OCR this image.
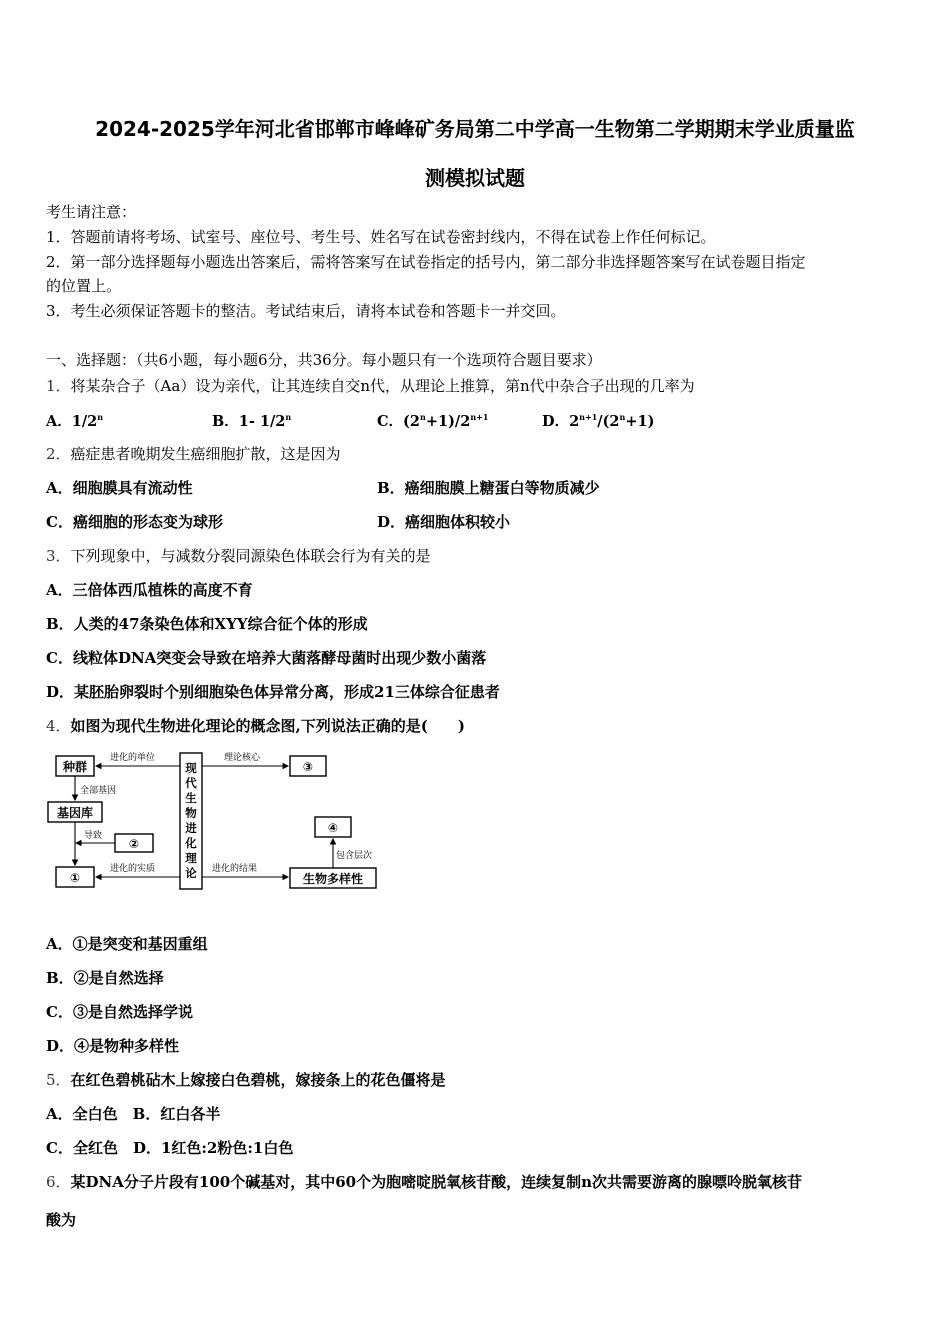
2024-2025学年河北省邯郸市峰峰矿务局第二中学高一生物第二学期期末学业质量监
测模拟试题
考生请注意：
1．答题前请将考场、试室号、座位号、考生号、姓名写在试卷密封线内，不得在试卷上作任何标记。
2．第一部分选择题每小题选出答案后，需将答案写在试卷指定的括号内，第二部分非选择题答案写在试卷题目指定
的位置上。
3．考生必须保证答题卡的整洁。考试结束后，请将本试卷和答题卡一并交回。
一、选择题：（共6小题，每小题6分，共36分。每小题只有一个选项符合题目要求）
1．将某杂合子（Aa）设为亲代，让其连续自交n代，从理论上推算，第n代中杂合子出现的几率为
A．1/2$^n$	B．1- 1/2$^n$	C．$(2^n+1)/2^{n+1}$	D．$2^{n+1}/(2^n+1)$
2．癌症患者晚期发生癌细胞扩散，这是因为
A．细胞膜具有流动性	B．癌细胞膜上糖蛋白等物质减少
C．癌细胞的形态变为球形	D．癌细胞体积较小
3．下列现象中，与减数分裂同源染色体联会行为有关的是
A．三倍体西瓜植株的高度不育
B．人类的47条染色体和XYY综合征个体的形成
C．线粒体DNA突变会导致在培养大菌落酵母菌时出现少数小菌落
D．某胚胎卵裂时个别细胞染色体异常分离，形成21三体综合征患者
4．如图为现代生物进化理论的概念图,下列说法正确的是(　　)
种群
基因库
②
①
③
④
生物多样性
现
代
生
物
进
化
理
论
进化的单位
全部基因
导致
进化的实质
理论核心
包含层次
进化的结果
A．①是突变和基因重组
B．②是自然选择
C．③是自然选择学说
D．④是物种多样性
5．在红色碧桃砧木上嫁接白色碧桃，嫁接条上的花色僵将是
A．全白色　B．红白各半
C．全红色　D．1红色:2粉色:1白色
6．某DNA分子片段有100个碱基对，其中60个为胞嘧啶脱氧核苷酸，连续复制n次共需要游离的腺嘌呤脱氧核苷
酸为
